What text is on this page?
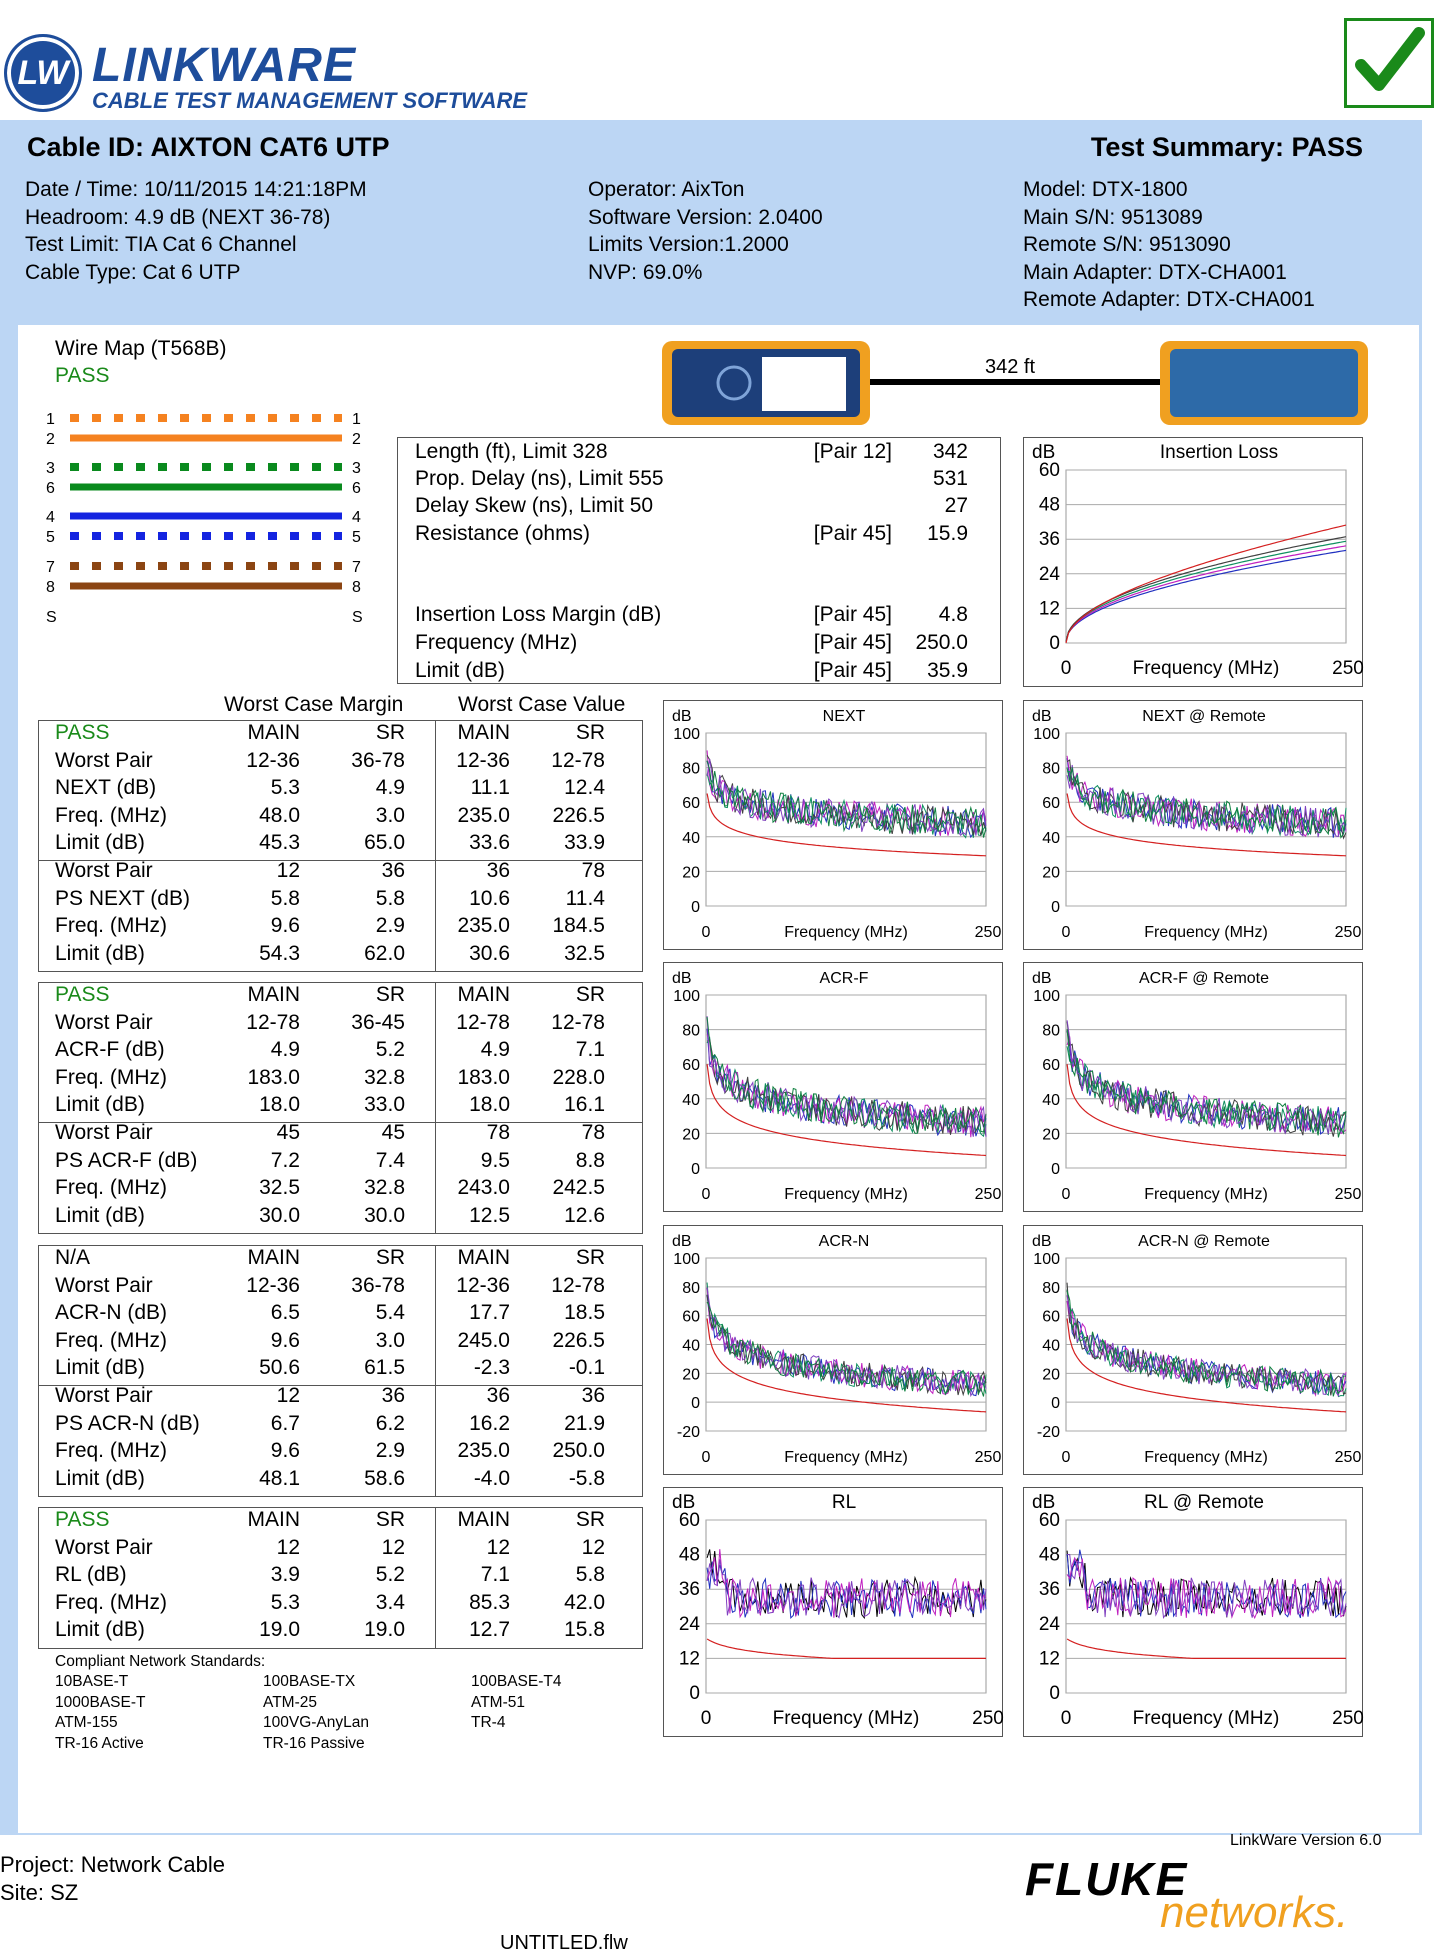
LW LINKWARE
CABLE TEST MANAGEMENT SOFTWARE
Cable ID: AIXTON CAT6 UTP	Test Summary: PASS
Date / Time: 10/11/2015 14:21:18PM
Headroom: 4.9 dB (NEXT 36-78)
Test Limit: TIA Cat 6 Channel
Cable Type: Cat 6 UTP
Operator: AixTon
Software Version: 2.0400
Limits Version:1.2000
NVP: 69.0%
Model: DTX-1800
Main S/N: 9513089
Remote S/N: 9513090
Main Adapter: DTX-CHA001
Remote Adapter: DTX-CHA001
Wire Map (T568B)
PASS
1	1
2	2
3	3
6	6
4	4
5	5
7	7
8	8
S	S
342 ft
Length (ft), Limit 328	[Pair 12] 342
Prop. Delay (ns), Limit 555	531
Delay Skew (ns), Limit 50	27
Resistance (ohms)	[Pair 45] 15.9
Insertion Loss Margin (dB)	[Pair 45] 4.8
Frequency (MHz)	[Pair 45] 250.0
Limit (dB)	[Pair 45] 35.9
Worst Case Margin	Worst Case Value
PASS	MAIN	SR	MAIN	SR
Worst Pair	12-36	36-78	12-36	12-78
NEXT (dB)	5.3	4.9	11.1	12.4
Freq. (MHz)	48.0	3.0	235.0	226.5
Limit (dB)	45.3	65.0	33.6	33.9
Worst Pair	12	36	36	78
PS NEXT (dB)	5.8	5.8	10.6	11.4
Freq. (MHz)	9.6	2.9	235.0	184.5
Limit (dB)	54.3	62.0	30.6	32.5
PASS	MAIN	SR	MAIN	SR
Worst Pair	12-78	36-45	12-78	12-78
ACR-F (dB)	4.9	5.2	4.9	7.1
Freq. (MHz)	183.0	32.8	183.0	228.0
Limit (dB)	18.0	33.0	18.0	16.1
Worst Pair	45	45	78	78
PS ACR-F (dB)	7.2	7.4	9.5	8.8
Freq. (MHz)	32.5	32.8	243.0	242.5
Limit (dB)	30.0	30.0	12.5	12.6
N/A	MAIN	SR	MAIN	SR
Worst Pair	12-36	36-78	12-36	12-78
ACR-N (dB)	6.5	5.4	17.7	18.5
Freq. (MHz)	9.6	3.0	245.0	226.5
Limit (dB)	50.6	61.5	-2.3	-0.1
Worst Pair	12	36	36	36
PS ACR-N (dB)	6.7	6.2	16.2	21.9
Freq. (MHz)	9.6	2.9	235.0	250.0
Limit (dB)	48.1	58.6	-4.0	-5.8
PASS	MAIN	SR	MAIN	SR
Worst Pair	12	12	12	12
RL (dB)	3.9	5.2	7.1	5.8
Freq. (MHz)	5.3	3.4	85.3	42.0
Limit (dB)	19.0	19.0	12.7	15.8
Compliant Network Standards:
10BASE-T	100BASE-TX	100BASE-T4
1000BASE-T	ATM-25	ATM-51
ATM-155	100VG-AnyLan	TR-4
TR-16 Active	TR-16 Passive
Insertion Loss
dB
60
48
36
24
12
0
0	250
Frequency (MHz)
NEXT
dB
100
80
60
40
20
0
0	250
Frequency (MHz)
NEXT @ Remote
dB
100
80
60
40
20
0
0	250
Frequency (MHz)
ACR-F
dB
100
80
60
40
20
0
0	250
Frequency (MHz)
ACR-F @ Remote
dB
100
80
60
40
20
0
0	250
Frequency (MHz)
ACR-N
dB
100
80
60
40
20
0
-20
0	250
Frequency (MHz)
ACR-N @ Remote
dB
100
80
60
40
20
0
-20
0	250
Frequency (MHz)
RL
dB
60
48
36
24
12
0
0	250
Frequency (MHz)
RL @ Remote
dB
60
48
36
24
12
0
0	250
Frequency (MHz)
LinkWare Version 6.0
Project: Network Cable
Site: SZ
UNTITLED.flw
FLUKE
networks.
